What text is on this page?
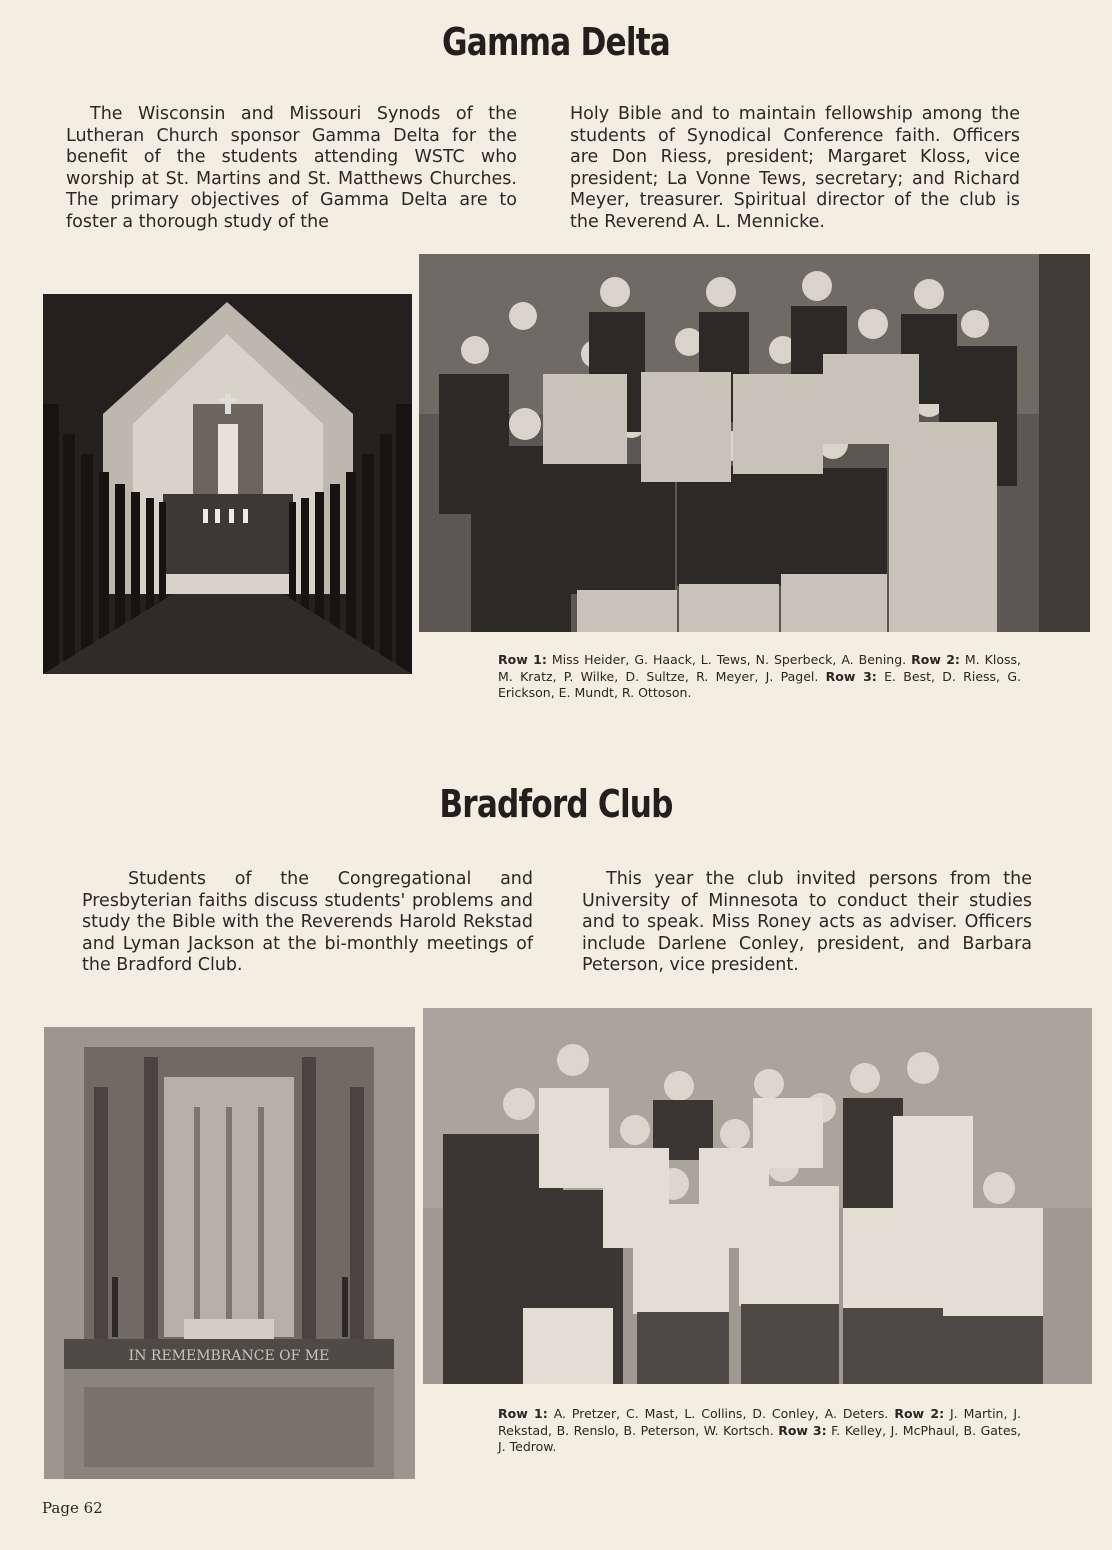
Gamma Delta
The Wisconsin and Missouri Synods of the Lutheran Church sponsor Gamma Delta for the benefit of the students attending WSTC who worship at St. Martins and St. Matthews Churches. The primary objectives of Gamma Delta are to foster a thorough study of the
Holy Bible and to maintain fellowship among the students of Synodical Conference faith. Officers are Don Riess, president; Margaret Kloss, vice president; La Vonne Tews, secretary; and Richard Meyer, treasurer. Spiritual director of the club is the Reverend A. L. Mennicke.
Row 1: Miss Heider, G. Haack, L. Tews, N. Sperbeck, A. Bening. Row 2: M. Kloss, M. Kratz, P. Wilke, D. Sultze, R. Meyer, J. Pagel. Row 3: E. Best, D. Riess, G. Erickson, E. Mundt, R. Ottoson.
Bradford Club
Students of the Congregational and Presbyterian faiths discuss students' problems and study the Bible with the Reverends Harold Rekstad and Lyman Jackson at the bi-monthly meetings of the Bradford Club.
This year the club invited persons from the University of Minnesota to conduct their studies and to speak. Miss Roney acts as adviser. Officers include Darlene Conley, president, and Barbara Peterson, vice president.
IN REMEMBRANCE OF ME
Row 1: A. Pretzer, C. Mast, L. Collins, D. Conley, A. Deters. Row 2: J. Martin, J. Rekstad, B. Renslo, B. Peterson, W. Kortsch. Row 3: F. Kelley, J. McPhaul, B. Gates, J. Tedrow.
Page 62
